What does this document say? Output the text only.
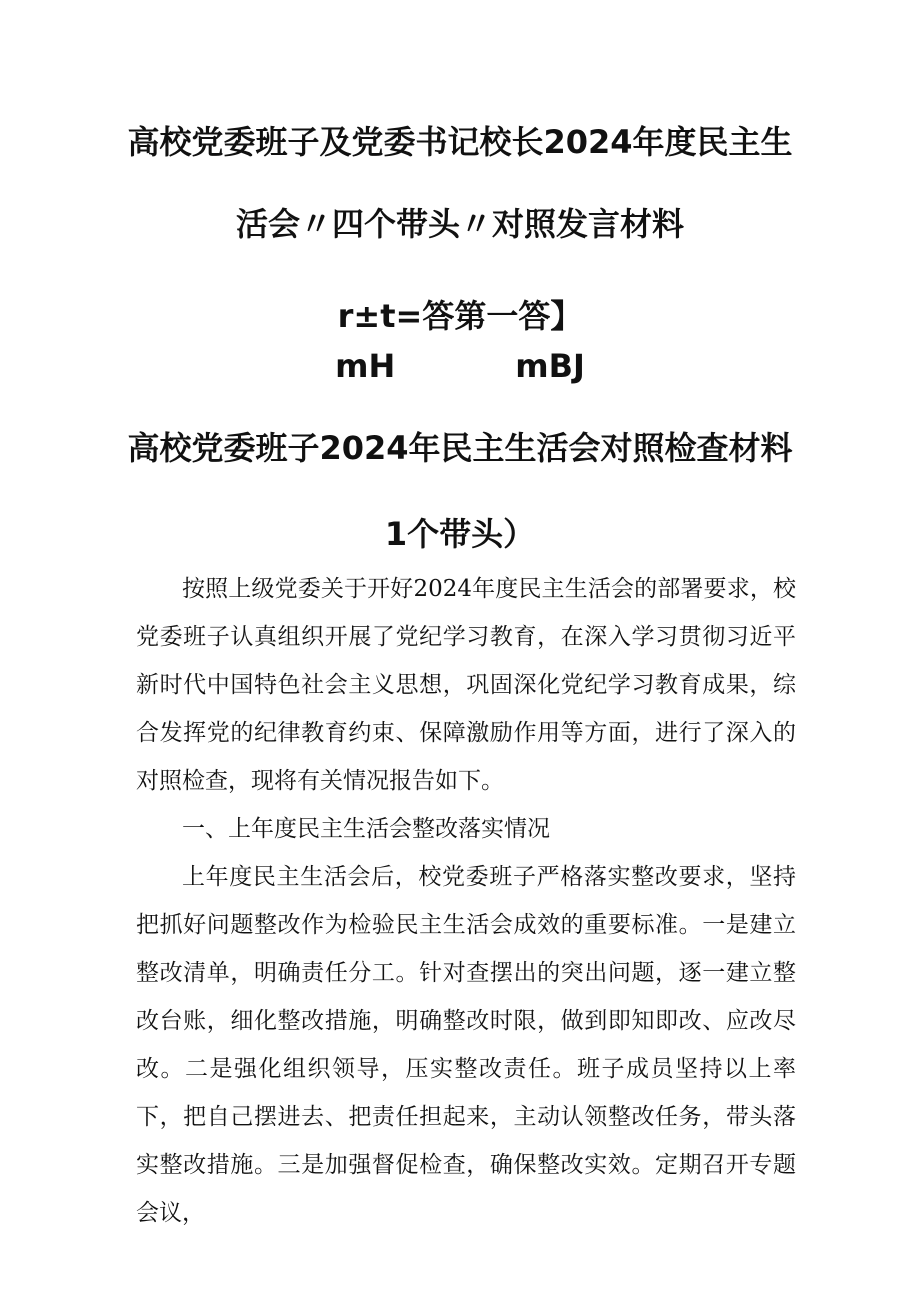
高校党委班子及党委书记校长2024年度民主生
活会〃四个带头〃对照发言材料
r±t=答第一答】
mH	mBJ
高校党委班子2024年民主生活会对照检查材料
1个带头）

按照上级党委关于开好2024年度民主生活会的部署要求，校党委班子认真组织开展了党纪学习教育，在深入学习贯彻习近平新时代中国特色社会主义思想，巩固深化党纪学习教育成果，综合发挥党的纪律教育约束、保障激励作用等方面，进行了深入的对照检查，现将有关情况报告如下。

一、上年度民主生活会整改落实情况

上年度民主生活会后，校党委班子严格落实整改要求，坚持把抓好问题整改作为检验民主生活会成效的重要标准。一是建立整改清单，明确责任分工。针对查摆出的突出问题，逐一建立整改台账，细化整改措施，明确整改时限，做到即知即改、应改尽改。二是强化组织领导，压实整改责任。班子成员坚持以上率下，把自己摆进去、把责任担起来，主动认领整改任务，带头落实整改措施。三是加强督促检查，确保整改实效。定期召开专题会议，
